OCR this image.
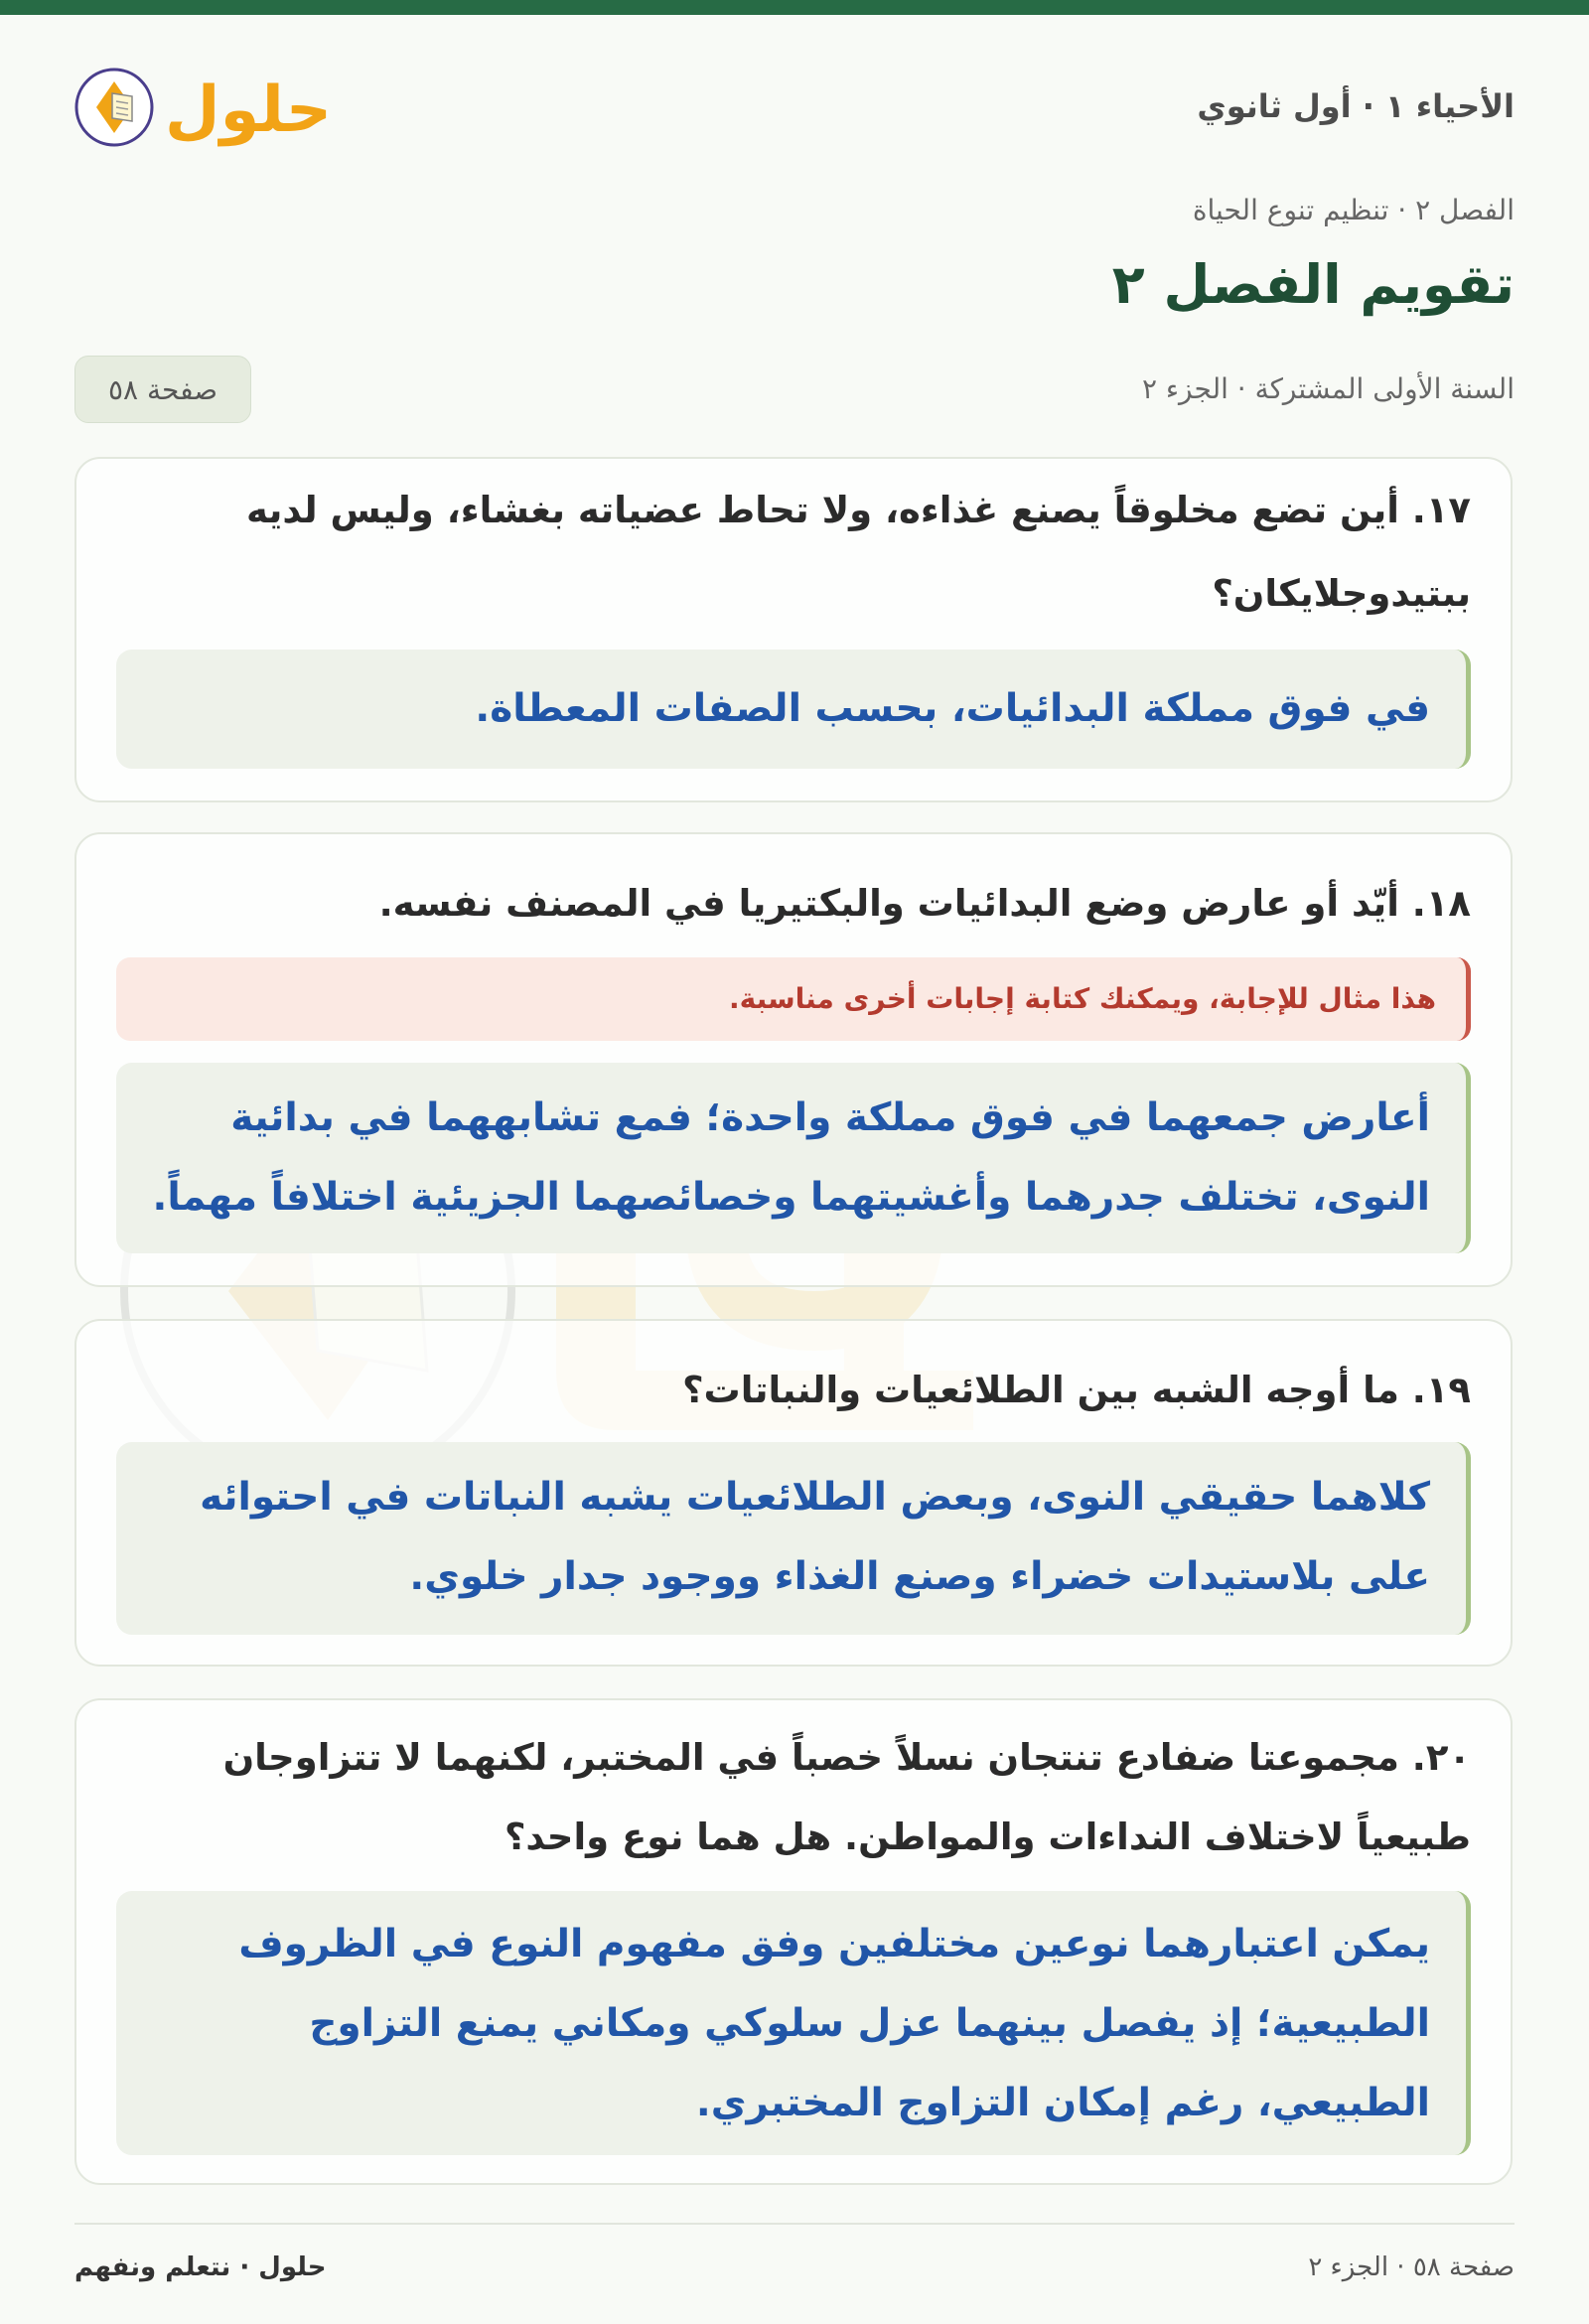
الأحياء ١ · أول ثانوي
حلول
الفصل ٢ · تنظيم تنوع الحياة
تقويم الفصل ٢
السنة الأولى المشتركة · الجزء ٢
صفحة ٥٨

١٧. أين تضع مخلوقاً يصنع غذاءه، ولا تحاط عضياته بغشاء، وليس لديه ببتيدوجلايكان؟

في فوق مملكة البدائيات، بحسب الصفات المعطاة.

١٨. أيّد أو عارض وضع البدائيات والبكتيريا في المصنف نفسه.

هذا مثال للإجابة، ويمكنك كتابة إجابات أخرى مناسبة.
أعارض جمعهما في فوق مملكة واحدة؛ فمع تشابههما في بدائية النوى، تختلف جدرهما وأغشيتهما وخصائصهما الجزيئية اختلافاً مهماً.

١٩. ما أوجه الشبه بين الطلائعيات والنباتات؟

كلاهما حقيقي النوى، وبعض الطلائعيات يشبه النباتات في احتوائه على بلاستيدات خضراء وصنع الغذاء ووجود جدار خلوي.

٢٠. مجموعتا ضفادع تنتجان نسلاً خصباً في المختبر، لكنهما لا تتزاوجان طبيعياً لاختلاف النداءات والمواطن. هل هما نوع واحد؟

يمكن اعتبارهما نوعين مختلفين وفق مفهوم النوع في الظروف الطبيعية؛ إذ يفصل بينهما عزل سلوكي ومكاني يمنع التزاوج الطبيعي، رغم إمكان التزاوج المختبري.
صفحة ٥٨ · الجزء ٢
حلول · نتعلم ونفهم
